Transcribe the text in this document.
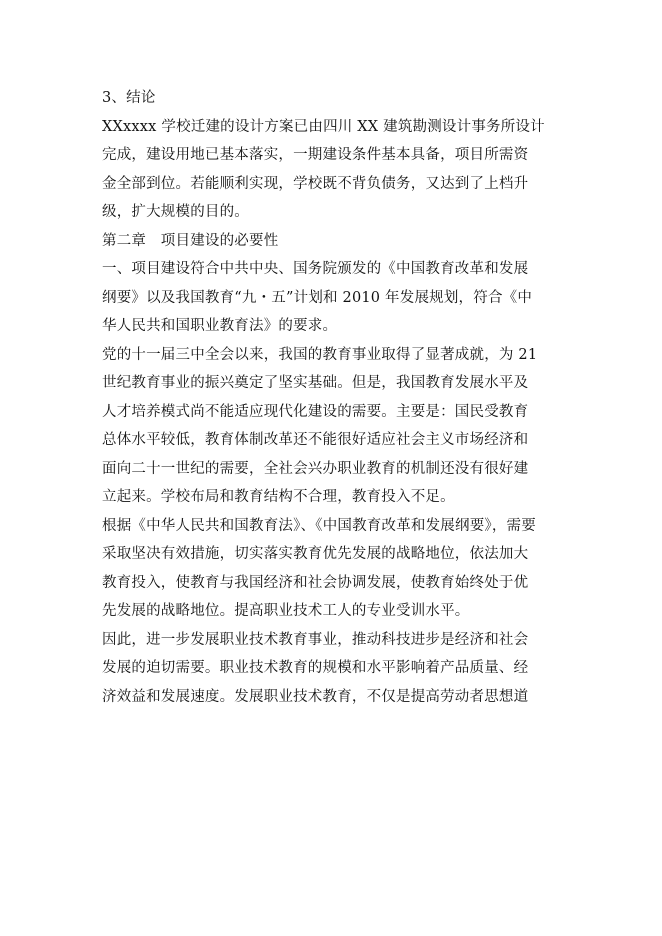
3、结论
XXxxxx 学校迁建的设计方案已由四川 XX 建筑勘测设计事务所设计
完成，建设用地已基本落实，一期建设条件基本具备，项目所需资
金全部到位。若能顺利实现，学校既不背负债务，又达到了上档升
级，扩大规模的目的。
第二章　项目建设的必要性
一、项目建设符合中共中央、国务院颁发的《中国教育改革和发展
纲要》以及我国教育“九・五”计划和 2010 年发展规划，符合《中
华人民共和国职业教育法》的要求。
党的十一届三中全会以来，我国的教育事业取得了显著成就，为 21
世纪教育事业的振兴奠定了坚实基础。但是，我国教育发展水平及
人才培养模式尚不能适应现代化建设的需要。主要是：国民受教育
总体水平较低，教育体制改革还不能很好适应社会主义市场经济和
面向二十一世纪的需要，全社会兴办职业教育的机制还没有很好建
立起来。学校布局和教育结构不合理，教育投入不足。
根据《中华人民共和国教育法》、《中国教育改革和发展纲要》，需要
采取坚决有效措施，切实落实教育优先发展的战略地位，依法加大
教育投入，使教育与我国经济和社会协调发展，使教育始终处于优
先发展的战略地位。提高职业技术工人的专业受训水平。
因此，进一步发展职业技术教育事业，推动科技进步是经济和社会
发展的迫切需要。职业技术教育的规模和水平影响着产品质量、经
济效益和发展速度。发展职业技术教育，不仅是提高劳动者思想道
